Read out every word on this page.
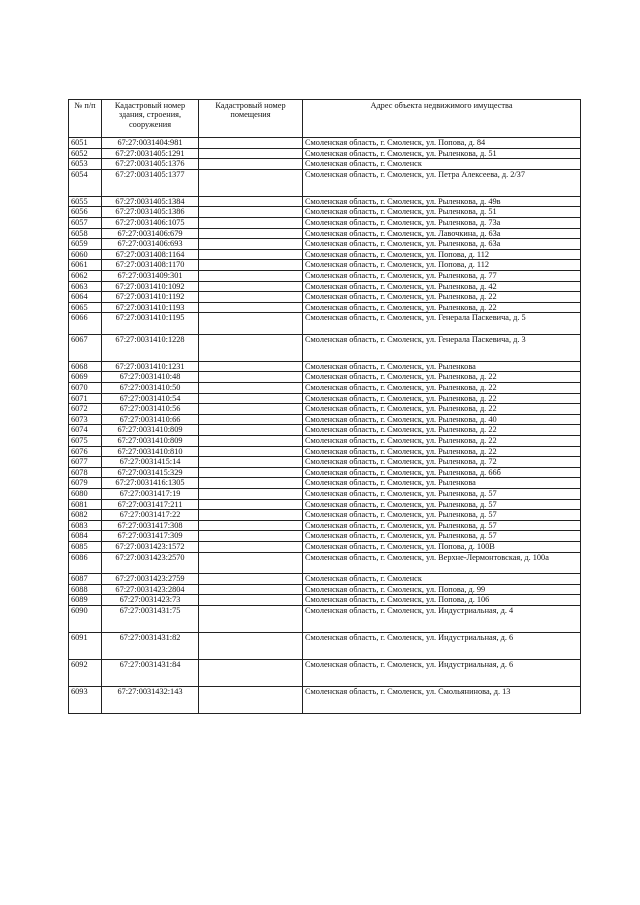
№ п/п	Кадастровый номер здания, строения, сооружения	Кадастровый номер помещения	Адрес объекта недвижимого имущества
6051	67:27:0031404:981		Смоленская область, г. Смоленск, ул. Попова, д. 84
6052	67:27:0031405:1291		Смоленская область, г. Смоленск, ул. Рыленкова, д. 51
6053	67:27:0031405:1376		Смоленская область, г. Смоленск
6054	67:27:0031405:1377		Смоленская область, г. Смоленск, ул. Петра Алексеева, д. 2/37
6055	67:27:0031405:1384		Смоленская область, г. Смоленск, ул. Рыленкова, д. 49в
6056	67:27:0031405:1386		Смоленская область, г. Смоленск, ул. Рыленкова, д. 51
6057	67:27:0031406:1075		Смоленская область, г. Смоленск, ул. Рыленкова, д. 73а
6058	67:27:0031406:679		Смоленская область, г. Смоленск, ул. Лавочкина, д. 63а
6059	67:27:0031406:693		Смоленская область, г. Смоленск, ул. Рыленкова, д. 63а
6060	67:27:0031408:1164		Смоленская область, г. Смоленск, ул. Попова, д. 112
6061	67:27:0031408:1170		Смоленская область, г. Смоленск, ул. Попова, д. 112
6062	67:27:0031409:301		Смоленская область, г. Смоленск, ул. Рыленкова, д. 77
6063	67:27:0031410:1092		Смоленская область, г. Смоленск, ул. Рыленкова, д. 42
6064	67:27:0031410:1192		Смоленская область, г. Смоленск, ул. Рыленкова, д. 22
6065	67:27:0031410:1193		Смоленская область, г. Смоленск, ул. Рыленкова, д. 22
6066	67:27:0031410:1195		Смоленская область, г. Смоленск, ул. Генерала Паскевича, д. 5
6067	67:27:0031410:1228		Смоленская область, г. Смоленск, ул. Генерала Паскевича, д. 3
6068	67:27:0031410:1231		Смоленская область, г. Смоленск, ул. Рыленкова
6069	67:27:0031410:48		Смоленская область, г. Смоленск, ул. Рыленкова, д. 22
6070	67:27:0031410:50		Смоленская область, г. Смоленск, ул. Рыленкова, д. 22
6071	67:27:0031410:54		Смоленская область, г. Смоленск, ул. Рыленкова, д. 22
6072	67:27:0031410:56		Смоленская область, г. Смоленск, ул. Рыленкова, д. 22
6073	67:27:0031410:66		Смоленская область, г. Смоленск, ул. Рыленкова, д. 40
6074	67:27:0031410:809		Смоленская область, г. Смоленск, ул. Рыленкова, д. 22
6075	67:27:0031410:809		Смоленская область, г. Смоленск, ул. Рыленкова, д. 22
6076	67:27:0031410:810		Смоленская область, г. Смоленск, ул. Рыленкова, д. 22
6077	67:27:0031415:14		Смоленская область, г. Смоленск, ул. Рыленкова, д. 72
6078	67:27:0031415:329		Смоленская область, г. Смоленск, ул. Рыленкова, д. 66б
6079	67:27:0031416:1305		Смоленская область, г. Смоленск, ул. Рыленкова
6080	67:27:0031417:19		Смоленская область, г. Смоленск, ул. Рыленкова, д. 57
6081	67:27:0031417:211		Смоленская область, г. Смоленск, ул. Рыленкова, д. 57
6082	67:27:0031417:22		Смоленская область, г. Смоленск, ул. Рыленкова, д. 57
6083	67:27:0031417:308		Смоленская область, г. Смоленск, ул. Рыленкова, д. 57
6084	67:27:0031417:309		Смоленская область, г. Смоленск, ул. Рыленкова, д. 57
6085	67:27:0031423:1572		Смоленская область, г. Смоленск, ул. Попова, д. 100В
6086	67:27:0031423:2570		Смоленская область, г. Смоленск, ул. Верхне-Лермонтовская, д. 100а
6087	67:27:0031423:2759		Смоленская область, г. Смоленск
6088	67:27:0031423:2804		Смоленская область, г. Смоленск, ул. Попова, д. 99
6089	67:27:0031423:73		Смоленская область, г. Смоленск, ул. Попова, д. 106
6090	67:27:0031431:75		Смоленская область, г. Смоленск, ул. Индустриальная, д. 4
6091	67:27:0031431:82		Смоленская область, г. Смоленск, ул. Индустриальная, д. 6
6092	67:27:0031431:84		Смоленская область, г. Смоленск, ул. Индустриальная, д. 6
6093	67:27:0031432:143		Смоленская область, г. Смоленск, ул. Смольянинова, д. 13
